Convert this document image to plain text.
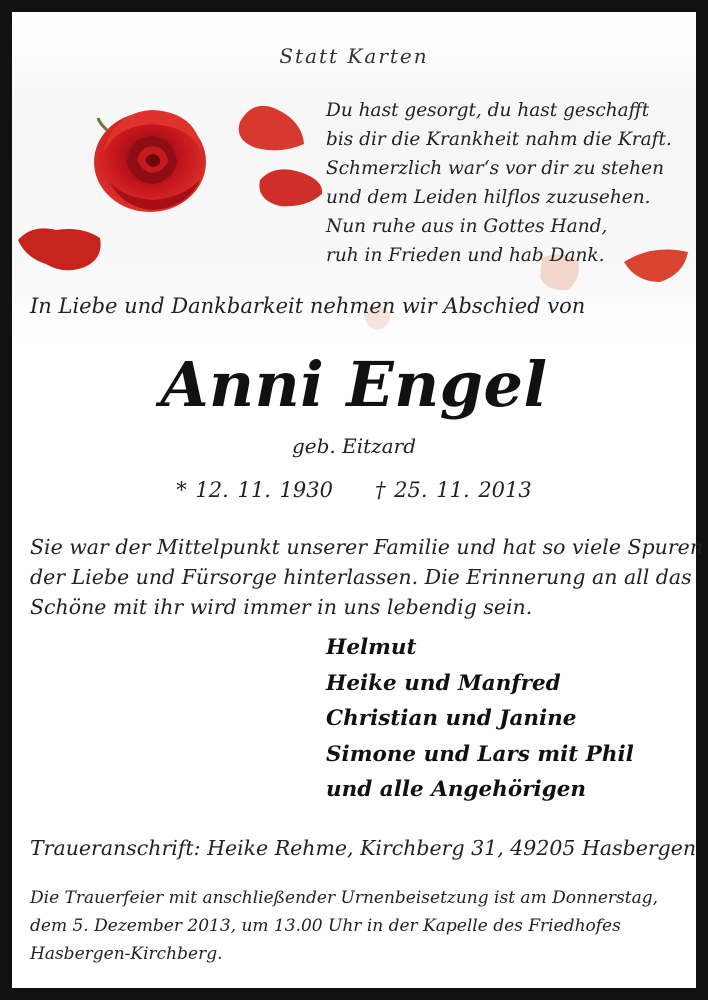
Statt Karten

Du hast gesorgt, du hast geschafft
bis dir die Krankheit nahm die Kraft.
Schmerzlich war‘s vor dir zu stehen
und dem Leiden hilflos zuzusehen.
Nun ruhe aus in Gottes Hand,
ruh in Frieden und hab Dank.

In Liebe und Dankbarkeit nehmen wir Abschied von

Anni Engel

geb. Eitzard

* 12. 11. 1930 † 25. 11. 2013

Sie war der Mittelpunkt unserer Familie und hat so viele Spuren
der Liebe und Fürsorge hinterlassen. Die Erinnerung an all das
Schöne mit ihr wird immer in uns lebendig sein.
Helmut
Heike und Manfred
Christian und Janine
Simone und Lars mit Phil
und alle Angehörigen

Traueranschrift: Heike Rehme, Kirchberg 31, 49205 Hasbergen

Die Trauerfeier mit anschließender Urnenbeisetzung ist am Donnerstag,
dem 5. Dezember 2013, um 13.00 Uhr in der Kapelle des Friedhofes
Hasbergen-Kirchberg.
